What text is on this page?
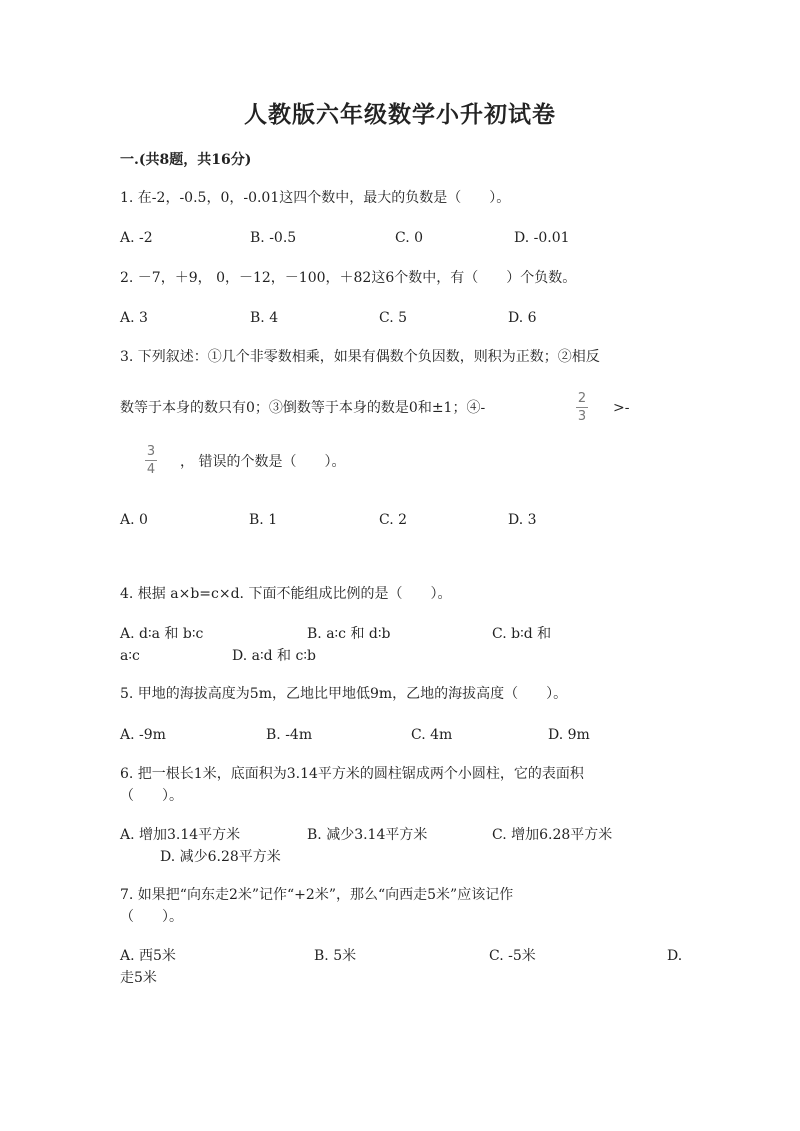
人教版六年级数学小升初试卷
一.(共8题，共16分)
1. 在-2，-0.5，0，-0.01这四个数中，最大的负数是（　　）。
A. -2	B. -0.5	C. 0	D. -0.01
2. －7，＋9， 0，－12，－100，＋82这6个数中，有（　　）个负数。
A. 3	B. 4	C. 5	D. 6
3. 下列叙述：①几个非零数相乘，如果有偶数个负因数，则积为正数；②相反
数等于本身的数只有0；③倒数等于本身的数是0和±1；④-
2
3
>-
3
4 ， 错误的个数是（　　）。
A. 0	B. 1	C. 2	D. 3
4. 根据 a×b=c×d. 下面不能组成比例的是（　　）。
A. d∶a 和 b∶c	B. a∶c 和 d∶b	C. b∶d 和
a∶c	D. a∶d 和 c∶b
5. 甲地的海拔高度为5m，乙地比甲地低9m，乙地的海拔高度（　　）。
A. -9m	B. -4m	C. 4m	D. 9m
6. 把一根长1米，底面积为3.14平方米的圆柱锯成两个小圆柱，它的表面积
（　　）。
A. 增加3.14平方米	B. 减少3.14平方米	C. 增加6.28平方米
D. 减少6.28平方米
7. 如果把“向东走2米”记作“+2米”，那么“向西走5米”应该记作
（　　）。
A. 西5米	B. 5米	C. -5米	D.
走5米
